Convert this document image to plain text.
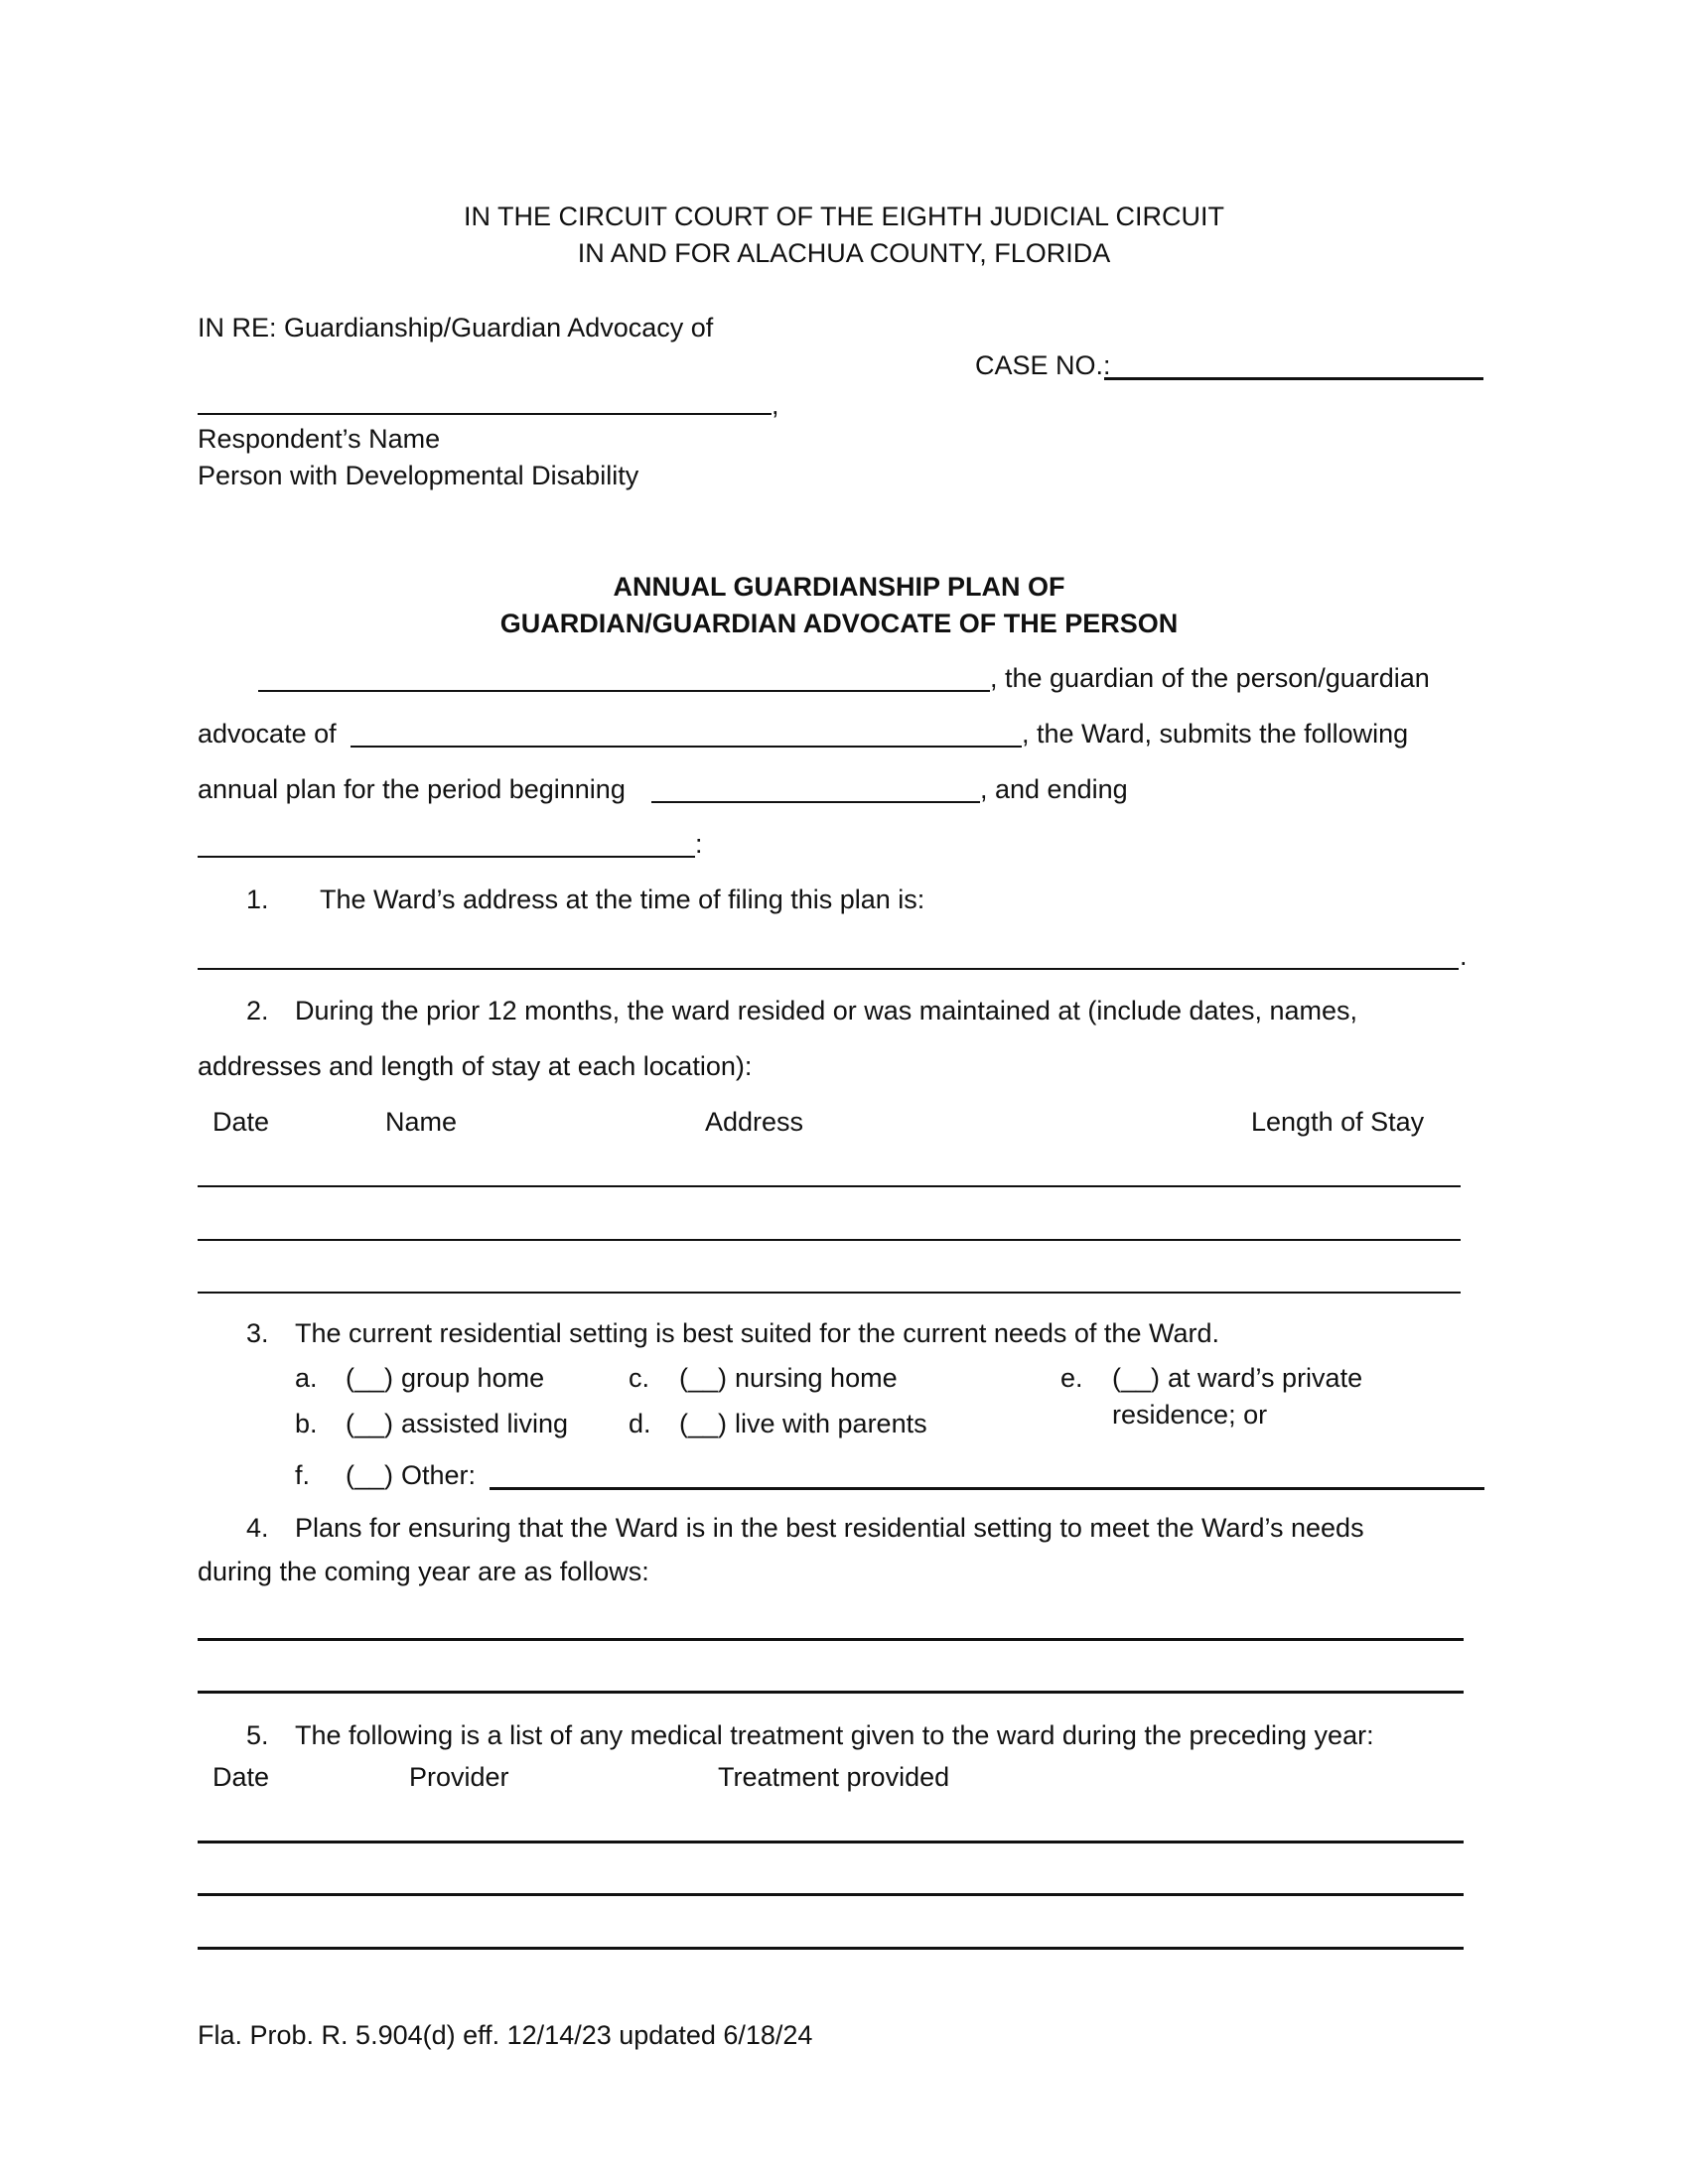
IN THE CIRCUIT COURT OF THE EIGHTH JUDICIAL CIRCUIT
IN AND FOR ALACHUA COUNTY, FLORIDA
IN RE: Guardianship/Guardian Advocacy of
CASE NO.:
,
Respondent’s Name
Person with Developmental Disability
ANNUAL GUARDIANSHIP PLAN OF
GUARDIAN/GUARDIAN ADVOCATE OF THE PERSON
, the guardian of the person/guardian
advocate of	, the Ward, submits the following
annual plan for the period beginning	, and ending
:
1. The Ward’s address at the time of filing this plan is:
.
2. During the prior 12 months, the ward resided or was maintained at (include dates, names,
addresses and length of stay at each location):
Date	Name	Address	Length of Stay
3. The current residential setting is best suited for the current needs of the Ward.
a. (__) group home
b. (__) assisted living
c. (__) nursing home
d. (__) live with parents
e. (__) at ward’s private
residence; or
f. (__) Other:
4. Plans for ensuring that the Ward is in the best residential setting to meet the Ward’s needs
during the coming year are as follows:
5. The following is a list of any medical treatment given to the ward during the preceding year:
Date	Provider	Treatment provided
Fla. Prob. R. 5.904(d) eff. 12/14/23 updated 6/18/24
